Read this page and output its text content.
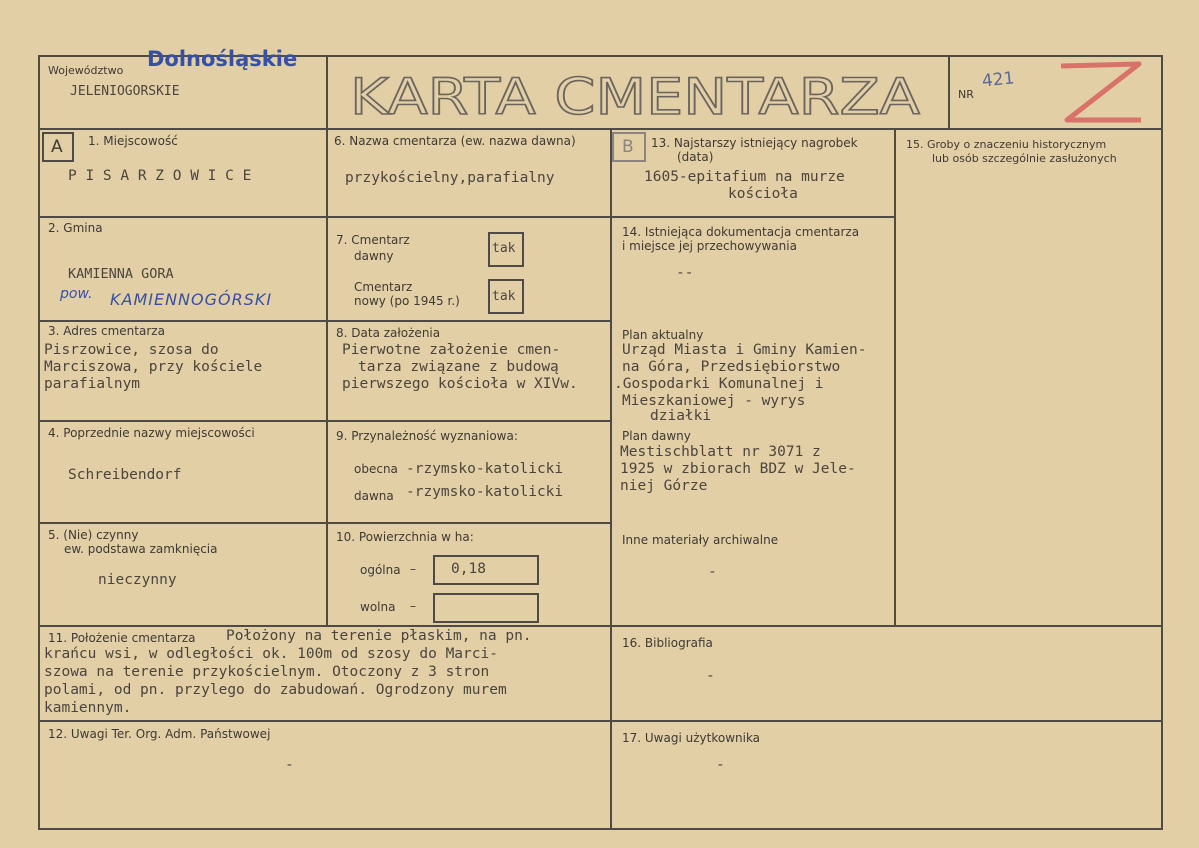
Województwo Dolnośląskie
JELENIOGORSKIE	KARTA CMENTARZA	NR
421
A	B
1. Miejscowość
P I S A R Z O W I C E
2. Gmina
KAMIENNA GORA
pow. KAMIENNOGÓRSKI
3. Adres cmentarza
Pisrzowice, szosa do
Marciszowa, przy kościele
parafialnym
4. Poprzednie nazwy miejscowości
Schreibendorf
5. (Nie) czynny
ew. podstawa zamknięcia
nieczynny
6. Nazwa cmentarza (ew. nazwa dawna)
przykościelny,parafialny
7. Cmentarz
dawny	tak
Cmentarz
nowy (po 1945 r.) tak
8. Data założenia
Pierwotne założenie cmen-
tarza związane z budową
pierwszego kościoła w XIVw.
9. Przynależność wyznaniowa:
obecna -rzymsko-katolicki
dawna -rzymsko-katolicki
10. Powierzchnia w ha:
ogólna – 0,18
wolna –
11. Położenie cmentarza Położony na terenie płaskim, na pn.
krańcu wsi, w odległości ok. 100m od szosy do Marci-
szowa na terenie przykościelnym. Otoczony z 3 stron
polami, od pn. przylego do zabudowań. Ogrodzony murem
kamiennym.
12. Uwagi Ter. Org. Adm. Państwowej
-
13. Najstarszy istniejący nagrobek
(data)
1605-epitafium na murze
kościoła
14. Istniejąca dokumentacja cmentarza
i miejsce jej przechowywania
--
Plan aktualny
Urząd Miasta i Gminy Kamien-
na Góra, Przedsiębiorstwo
.Gospodarki Komunalnej i
Mieszkaniowej - wyrys
działki
Plan dawny
Mestischblatt nr 3071 z
1925 w zbiorach BDZ w Jele-
niej Górze
Inne materiały archiwalne
-
15. Groby o znaczeniu historycznym
lub osób szczególnie zasłużonych
16. Bibliografia
-
17. Uwagi użytkownika
-
